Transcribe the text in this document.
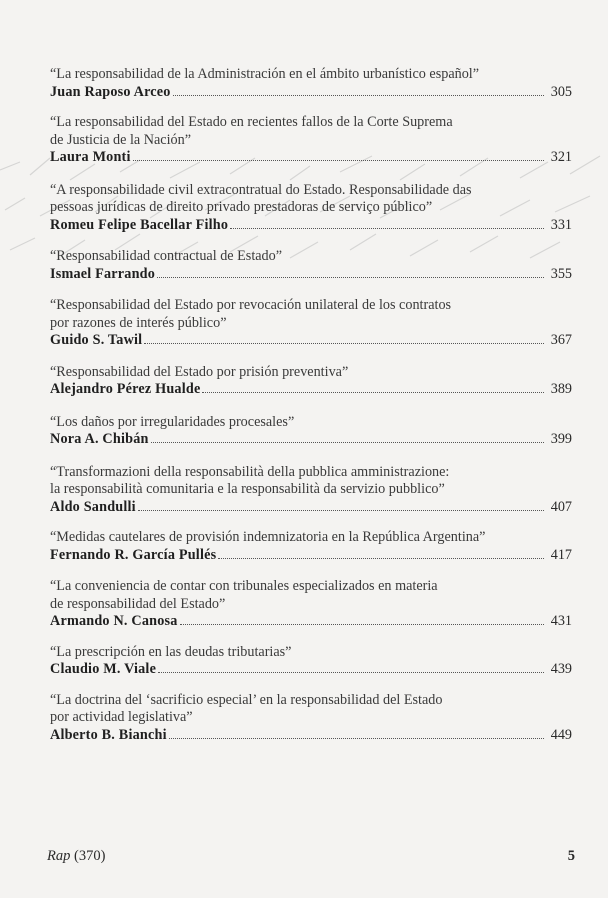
“La responsabilidad de la Administración en el ámbito urbanístico español”
Juan Raposo Arceo	305
“La responsabilidad del Estado en recientes fallos de la Corte Suprema
de Justicia de la Nación”
Laura Monti	321
“A responsabilidade civil extracontratual do Estado. Responsabilidade das
pessoas jurídicas de direito privado prestadoras de serviço público”
Romeu Felipe Bacellar Filho	331
“Responsabilidad contractual de Estado”
Ismael Farrando	355
“Responsabilidad del Estado por revocación unilateral de los contratos
por razones de interés público”
Guido S. Tawil	367
“Responsabilidad del Estado por prisión preventiva”
Alejandro Pérez Hualde	389
“Los daños por irregularidades procesales”
Nora A. Chibán	399
“Transformazioni della responsabilità della pubblica amministrazione:
la responsabilità comunitaria e la responsabilità da servizio pubblico”
Aldo Sandulli	407
“Medidas cautelares de provisión indemnizatoria en la República Argentina”
Fernando R. García Pullés	417
“La conveniencia de contar con tribunales especializados en materia
de responsabilidad del Estado”
Armando N. Canosa	431
“La prescripción en las deudas tributarias”
Claudio M. Viale	439
“La doctrina del ‘sacrificio especial’ en la responsabilidad del Estado
por actividad legislativa”
Alberto B. Bianchi	449
Rap (370)	5
